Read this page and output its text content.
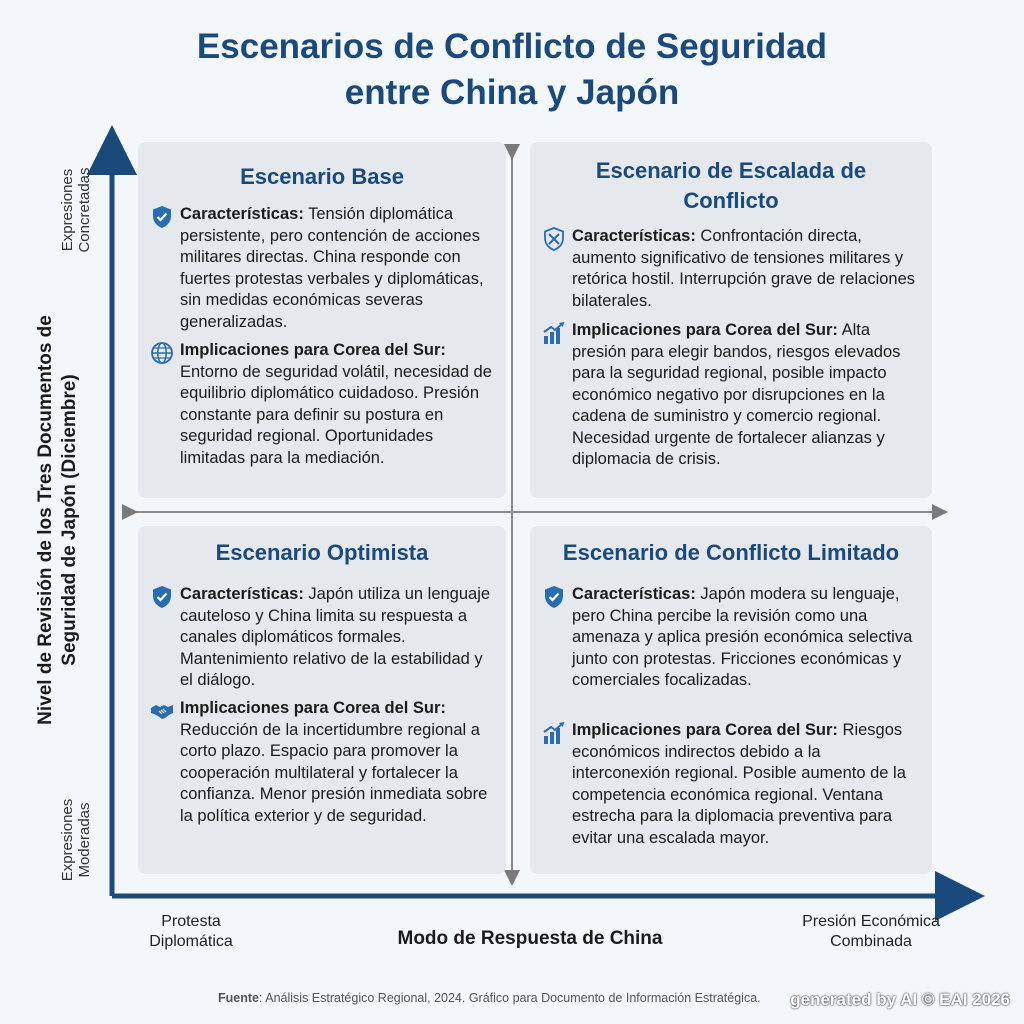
Escenarios de Conflicto de Seguridad
entre China y Japón
Nivel de Revisión de los Tres Documentos de Seguridad de Japón (Diciembre)
Expresiones Concretadas
Expresiones Moderadas
Protesta
Diplomática
Presión Económica
Combinada
Modo de Respuesta de China
Escenario Base
Características: Tensión diplomática persistente, pero contención de acciones militares directas. China responde con fuertes protestas verbales y diplomáticas, sin medidas económicas severas generalizadas.
Implicaciones para Corea del Sur: Entorno de seguridad volátil, necesidad de equilibrio diplomático cuidadoso. Presión constante para definir su postura en seguridad regional. Oportunidades limitadas para la mediación.
Escenario de Escalada de Conflicto
Características: Confrontación directa, aumento significativo de tensiones militares y retórica hostil. Interrupción grave de relaciones bilaterales.
Implicaciones para Corea del Sur: Alta presión para elegir bandos, riesgos elevados para la seguridad regional, posible impacto económico negativo por disrupciones en la cadena de suministro y comercio regional.
Necesidad urgente de fortalecer alianzas y diplomacia de crisis.
Escenario Optimista
Características: Japón utiliza un lenguaje cauteloso y China limita su respuesta a canales diplomáticos formales. Mantenimiento relativo de la estabilidad y el diálogo.
Implicaciones para Corea del Sur: Reducción de la incertidumbre regional a corto plazo. Espacio para promover la cooperación multilateral y fortalecer la confianza. Menor presión inmediata sobre la política exterior y de seguridad.
Escenario de Conflicto Limitado
Características: Japón modera su lenguaje, pero China percibe la revisión como una amenaza y aplica presión económica selectiva junto con protestas. Fricciones económicas y comerciales focalizadas.
Implicaciones para Corea del Sur: Riesgos económicos indirectos debido a la interconexión regional. Posible aumento de la competencia económica regional. Ventana estrecha para la diplomacia preventiva para evitar una escalada mayor.
Fuente: Análisis Estratégico Regional, 2024. Gráfico para Documento de Información Estratégica. generated by AI © EAI 2026
